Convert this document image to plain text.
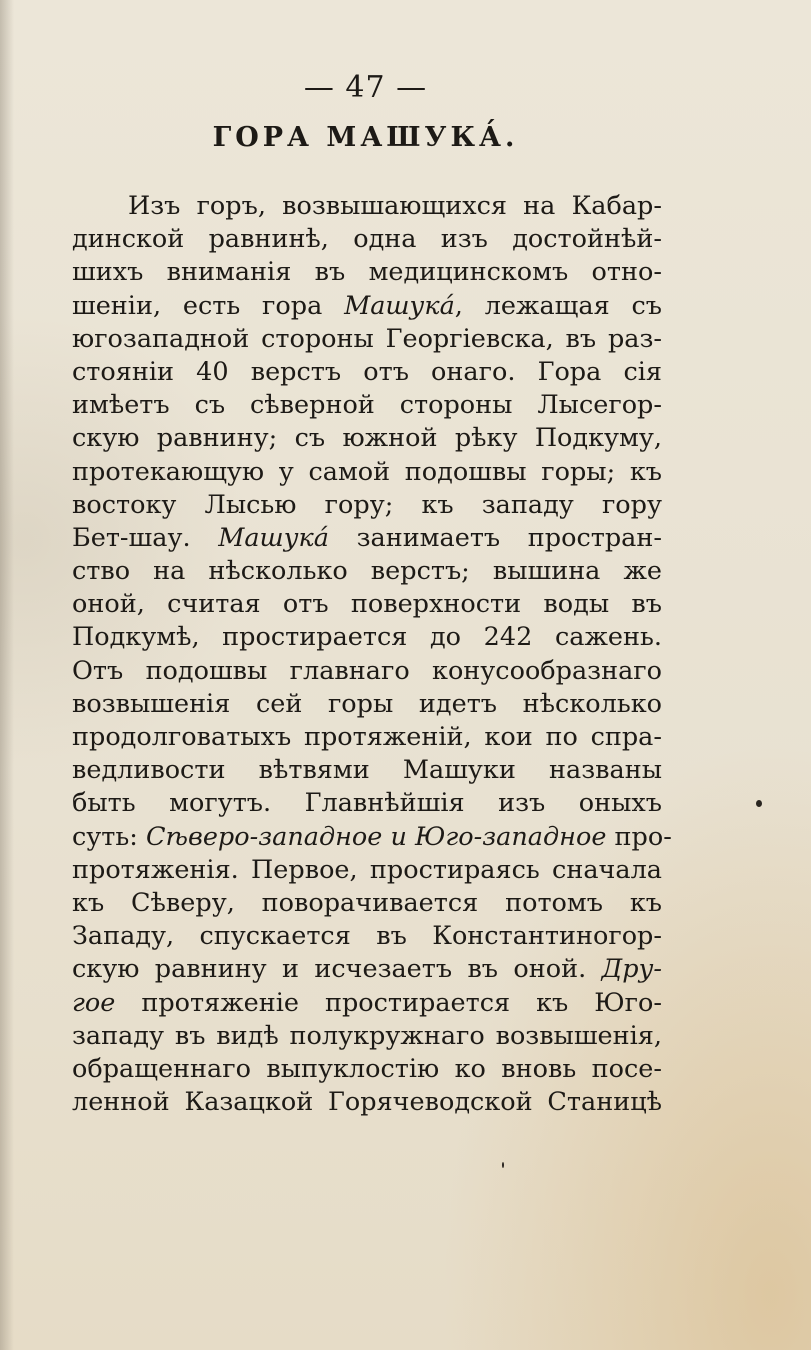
— 47 —
ГОРА МАШУКА́.
Изъ горъ, возвышающихся на Кабар-
динской равнинѣ, одна изъ достойнѣй-
шихъ вниманія въ медицинскомъ отно-
шеніи, есть гора Машука́, лежащая съ
югозападной стороны Георгіевска, въ раз-
стояніи 40 верстъ отъ онаго. Гора сія
имѣетъ съ сѣверной стороны Лысегор-
скую равнину; съ южной рѣку Подкуму,
протекающую у самой подошвы горы; къ
востоку Лысью гору; къ западу гору
Бет-шау. Машука́ занимаетъ простран-
ство на нѣсколько верстъ; вышина же
оной, считая отъ поверхности воды въ
Подкумѣ, простирается до 242 сажень.
Отъ подошвы главнаго конусообразнаго
возвышенія сей горы идетъ нѣсколько
продолговатыхъ протяженій, кои по спра-
ведливости вѣтвями Машуки названы
быть могутъ. Главнѣйшія изъ оныхъ
суть: Сѣверо-западное и Юго-западное про-
протяженія. Первое, простираясь сначала
къ Сѣверу, поворачивается потомъ къ
Западу, спускается въ Константиногор-
скую равнину и исчезаетъ въ оной. Дру-
гое протяженіе простирается къ Юго-
западу въ видѣ полукружнаго возвышенія,
обращеннаго выпуклостію ко вновь посе-
ленной Казацкой Горячеводской Станицѣ
